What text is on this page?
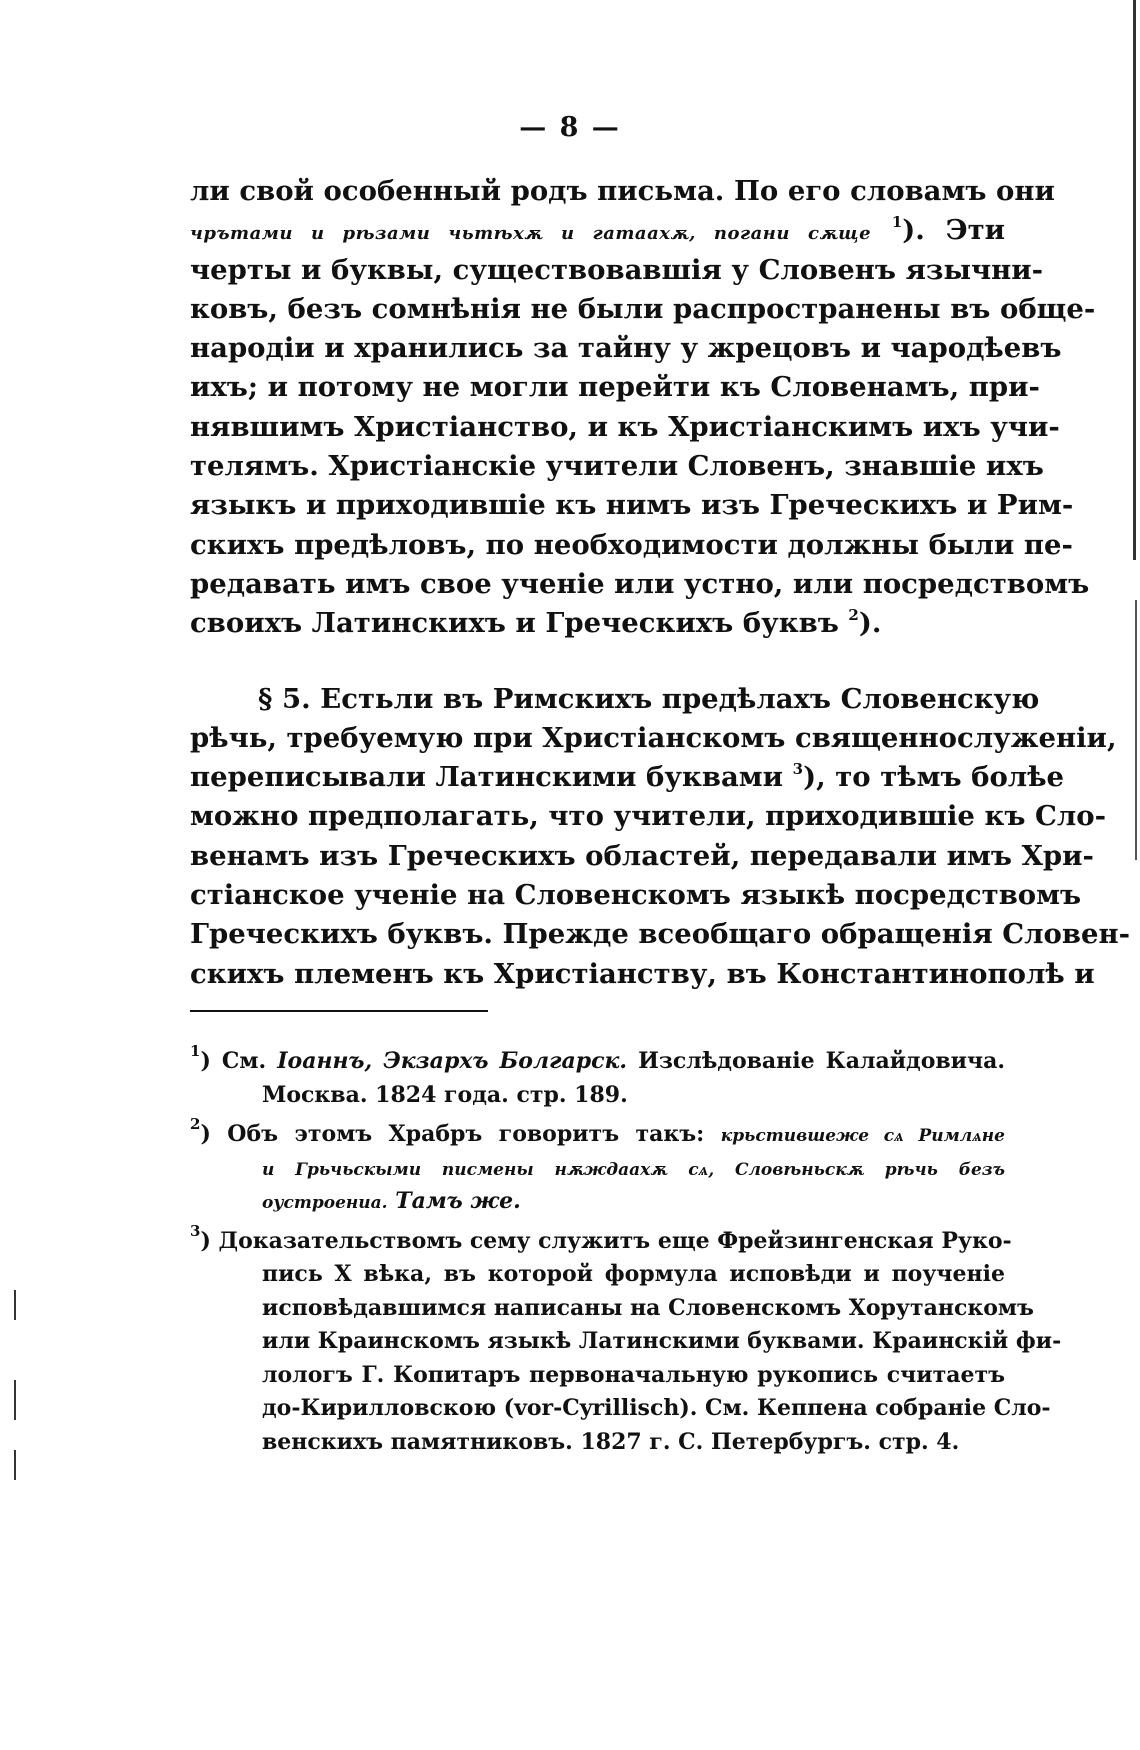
— 8 —
ли свой особенный родъ письма. По его словамъ они
чрътами и рѣзами чьтѣхѫ и гатаахѫ, погани сѫще $^1$). Эти
черты и буквы, существовавшія у Словенъ язычни-
ковъ, безъ сомнѣнія не были распространены въ обще-
народіи и хранились за тайну у жрецовъ и чародѣевъ
ихъ; и потому не могли перейти къ Словенамъ, при-
нявшимъ Христіанство, и къ Христіанскимъ ихъ учи-
телямъ. Христіанскіе учители Словенъ, знавшіе ихъ
языкъ и приходившіе къ нимъ изъ Греческихъ и Рим-
скихъ предѣловъ, по необходимости должны были пе-
редавать имъ свое ученіе или устно, или посредствомъ
своихъ Латинскихъ и Греческихъ буквъ $^2$).
§ 5. Естьли въ Римскихъ предѣлахъ Словенскую
рѣчь, требуемую при Христіанскомъ священнослуженіи,
переписывали Латинскими буквами $^3$), то тѣмъ болѣе
можно предполагать, что учители, приходившіе къ Сло-
венамъ изъ Греческихъ областей, передавали имъ Хри-
стіанское ученіе на Словенскомъ языкѣ посредствомъ
Греческихъ буквъ. Прежде всеобщаго обращенія Словен-
скихъ племенъ къ Христіанству, въ Константинополѣ и
$^1$) См. Іоаннъ, Экзархъ Болгарск. Изслѣдованіе Калайдовича.
Москва. 1824 года. стр. 189.
$^2$) Объ этомъ Храбръ говоритъ такъ: крьстившеже сѧ Римлѧне
и Грьчьскыми писмены нѫждаахѫ сѧ, Словѣньскѫ рѣчь безъ
оустроениа. Тамъ же.
$^3$) Доказательствомъ сему служитъ еще Фрейзингенская Руко-
пись X вѣка, въ которой формула исповѣди и поученіе
исповѣдавшимся написаны на Словенскомъ Хорутанскомъ
или Краинскомъ языкѣ Латинскими буквами. Краинскій фи-
лологъ Г. Копитаръ первоначальную рукопись считаетъ
до-Кирилловскою (vor-Cyrillisch). См. Кеппена собраніе Сло-
венскихъ памятниковъ. 1827 г. С. Петербургъ. стр. 4.
